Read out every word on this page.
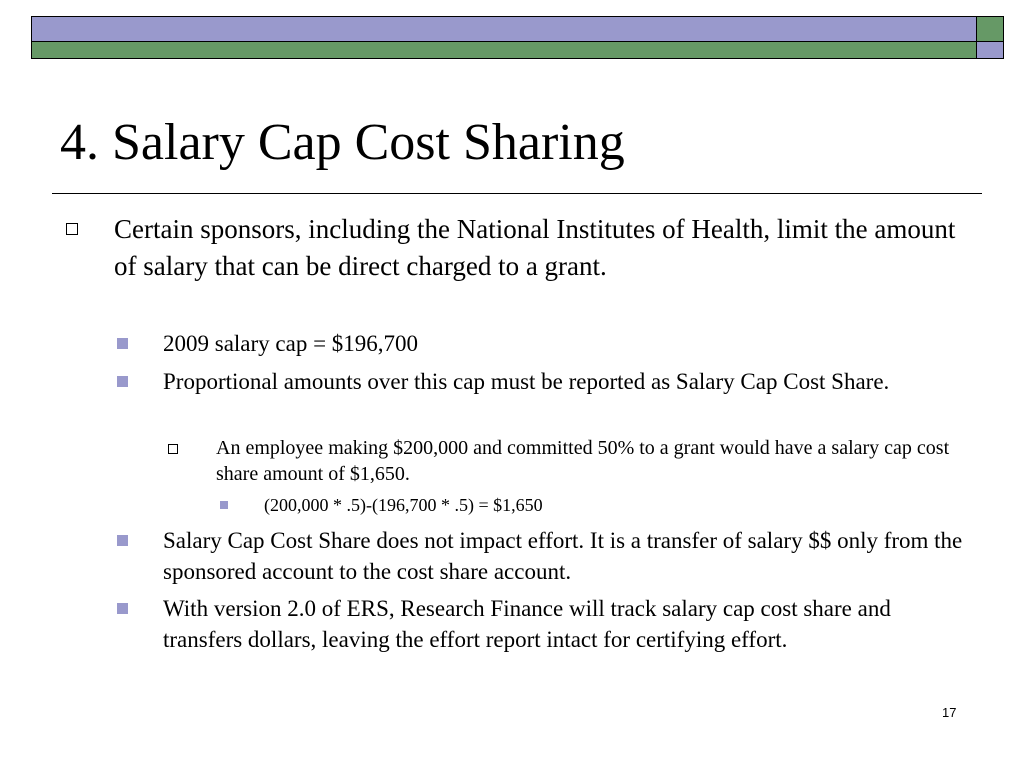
4. Salary Cap Cost Sharing
Certain sponsors, including the National Institutes of Health, limit the amount of salary that can be direct charged to a grant.
2009 salary cap = $196,700
Proportional amounts over this cap must be reported as Salary Cap Cost Share.
An employee making $200,000 and committed 50% to a grant would have a salary cap cost share amount of $1,650.
(200,000 * .5)-(196,700 * .5) = $1,650
Salary Cap Cost Share does not impact effort. It is a transfer of salary $$ only from the sponsored account to the cost share account.
With version 2.0 of ERS, Research Finance will track salary cap cost share and transfers dollars, leaving the effort report intact for certifying effort.
17
